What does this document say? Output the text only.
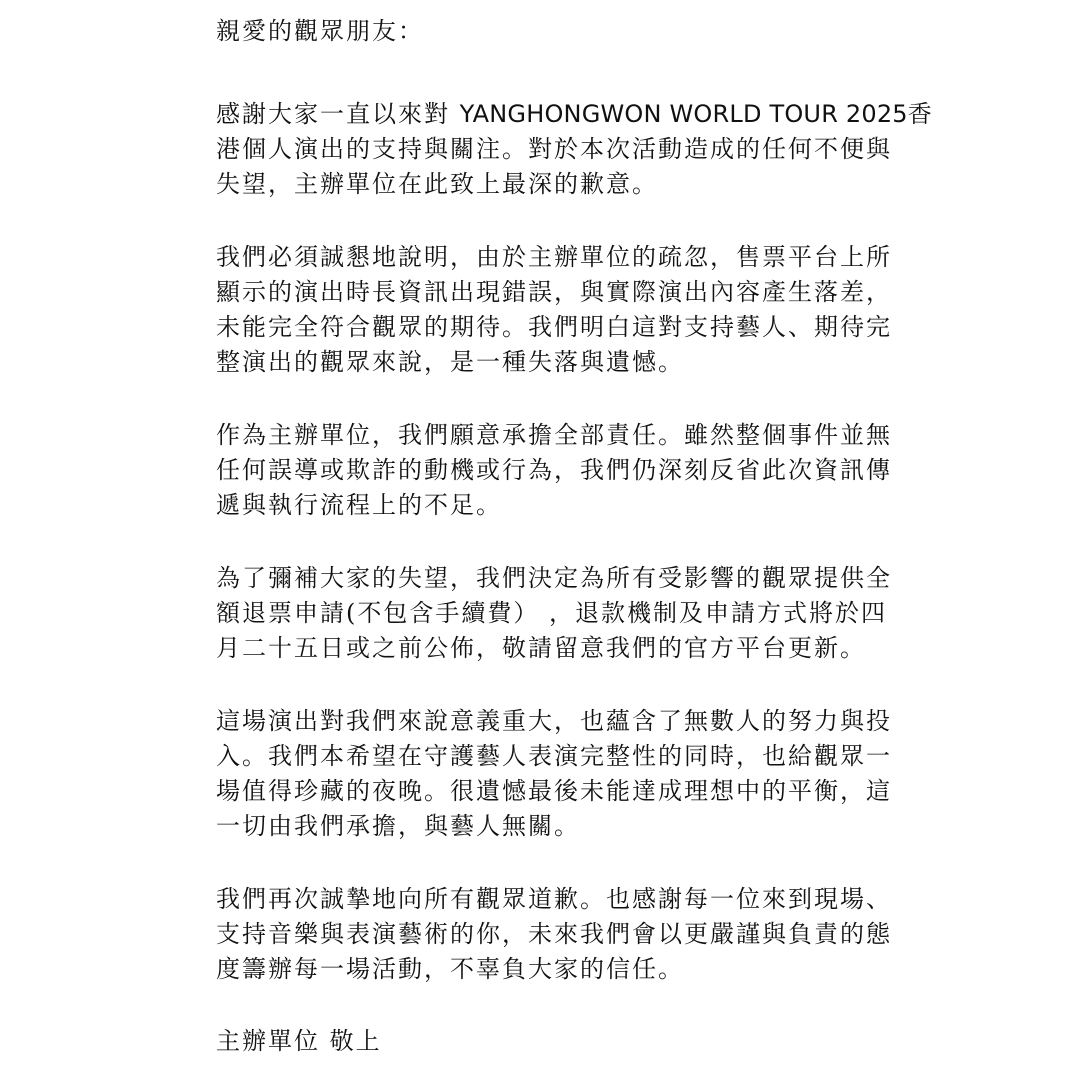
親愛的觀眾朋友：
感謝大家一直以來對 YANGHONGWON WORLD TOUR 2025香
港個人演出的支持與關注。對於本次活動造成的任何不便與
失望，主辦單位在此致上最深的歉意。
我們必須誠懇地說明，由於主辦單位的疏忽，售票平台上所
顯示的演出時長資訊出現錯誤，與實際演出內容產生落差，
未能完全符合觀眾的期待。我們明白這對支持藝人、期待完
整演出的觀眾來說，是一種失落與遺憾。
作為主辦單位，我們願意承擔全部責任。雖然整個事件並無
任何誤導或欺詐的動機或行為，我們仍深刻反省此次資訊傳
遞與執行流程上的不足。
為了彌補大家的失望，我們決定為所有受影響的觀眾提供全
額退票申請(不包含手續費） ，退款機制及申請方式將於四
月二十五日或之前公佈，敬請留意我們的官方平台更新。
這場演出對我們來說意義重大，也蘊含了無數人的努力與投
入。我們本希望在守護藝人表演完整性的同時，也給觀眾一
場值得珍藏的夜晚。很遺憾最後未能達成理想中的平衡，這
一切由我們承擔，與藝人無關。
我們再次誠摯地向所有觀眾道歉。也感謝每一位來到現場、
支持音樂與表演藝術的你，未來我們會以更嚴謹與負責的態
度籌辦每一場活動，不辜負大家的信任。
主辦單位 敬上
